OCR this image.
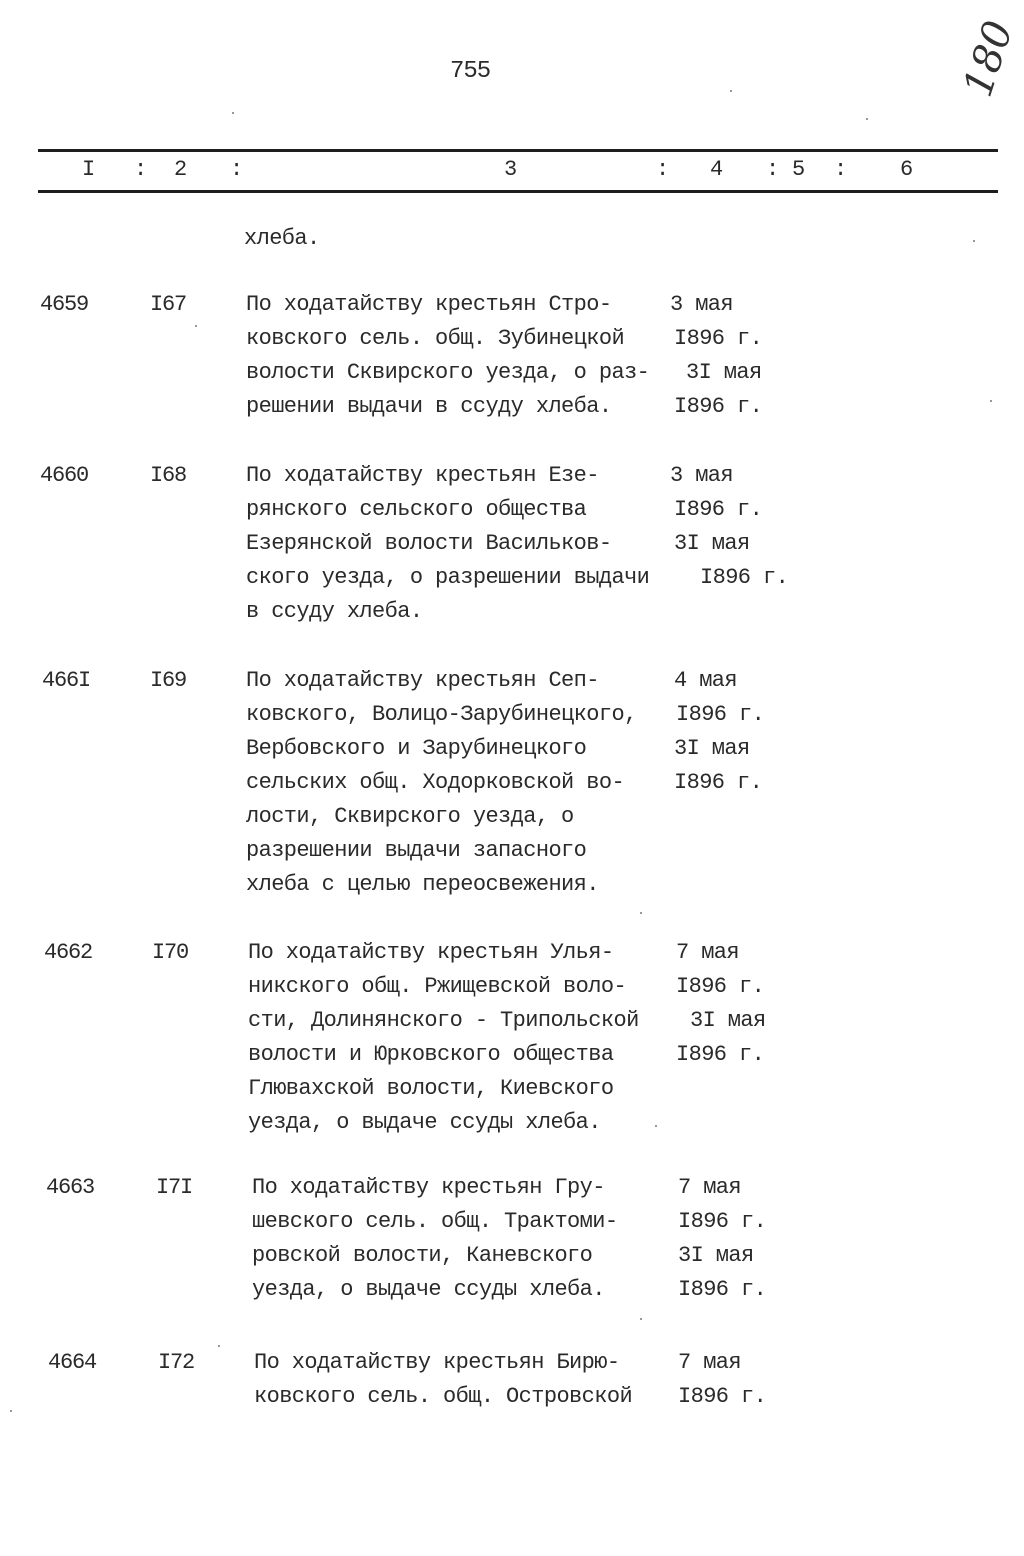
755	180
I : 2 :	3	: 4 : 5 : 6
хлеба.
4659	I67	По ходатайству крестьян Стро-
ковского сель. общ. Зубинецкой
волости Сквирского уезда, о раз-
решении выдачи в ссуду хлеба.
3 мая
I896 г.
3I мая
I896 г.
4660	I68	По ходатайству крестьян Езе-
рянского сельского общества
Езерянской волости Васильков-
ского уезда, о разрешении выдачи
в ссуду хлеба.
3 мая
I896 г.
3I мая
I896 г.
466I	I69	По ходатайству крестьян Сеп-
ковского, Волицо-Зарубинецкого,
Вербовского и Зарубинецкого
сельских общ. Ходорковской во-
лости, Сквирского уезда, о
разрешении выдачи запасного
хлеба с целью переосвежения.
4 мая
I896 г.
3I мая
I896 г.
4662	I70	По ходатайству крестьян Улья-
никского общ. Ржищевской воло-
сти, Долинянского - Трипольской
волости и Юрковского общества
Глювахской волости, Киевского
уезда, о выдаче ссуды хлеба.
7 мая
I896 г.
3I мая
I896 г.
4663	I7I	По ходатайству крестьян Гру-
шевского сель. общ. Трактоми-
ровской волости, Каневского
уезда, о выдаче ссуды хлеба.
7 мая
I896 г.
3I мая
I896 г.
4664	I72	По ходатайству крестьян Бирю-
ковского сель. общ. Островской
7 мая
I896 г.
